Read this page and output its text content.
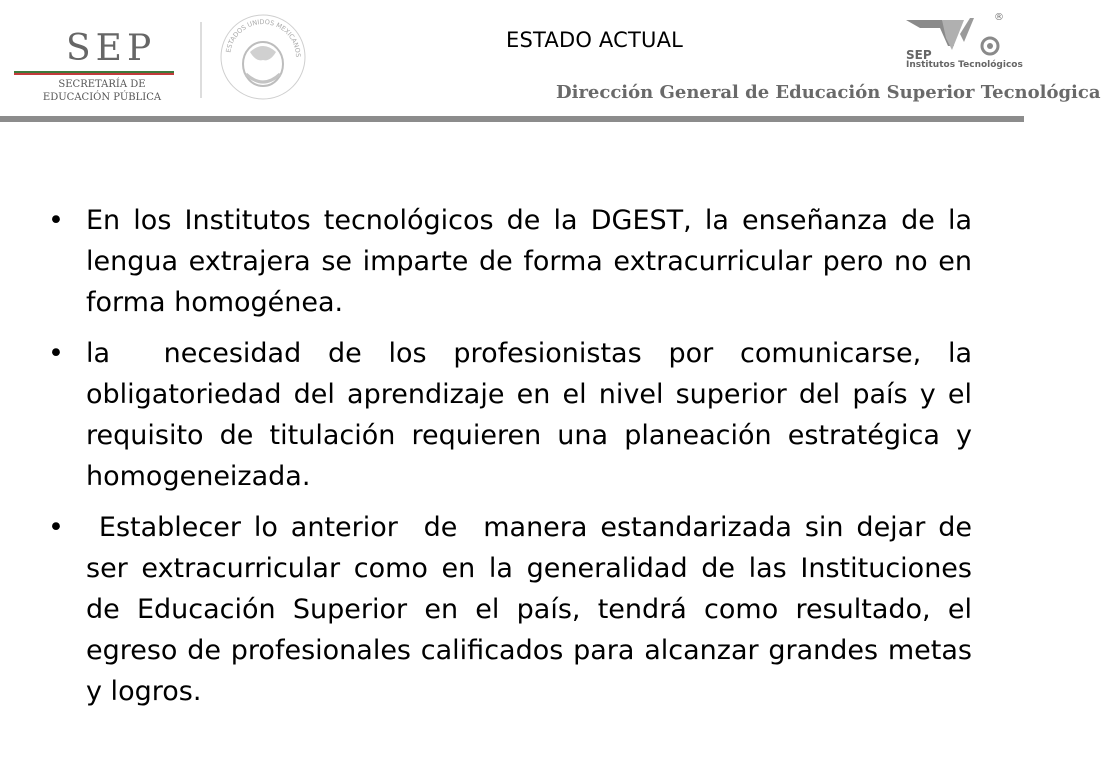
SEP
SECRETARÍA DE
EDUCACIÓN PÚBLICA
ESTADOS UNIDOS MEXICANOS
ESTADO ACTUAL
SEP
Institutos Tecnológicos
®
Dirección General de Educación Superior Tecnológica
• En los Institutos tecnológicos de la DGEST, la enseñanza de la lengua extrajera se imparte de forma extracurricular pero no en forma homogénea.
• la  necesidad de los profesionistas por comunicarse, la obligatoriedad del aprendizaje en el nivel superior del país y el requisito de titulación requieren una planeación estratégica y homogeneizada.
• Establecer lo anterior  de  manera estandarizada sin dejar de ser extracurricular como en la generalidad de las Instituciones de Educación Superior en el país, tendrá como resultado, el egreso de profesionales calificados para alcanzar grandes metas y logros.
